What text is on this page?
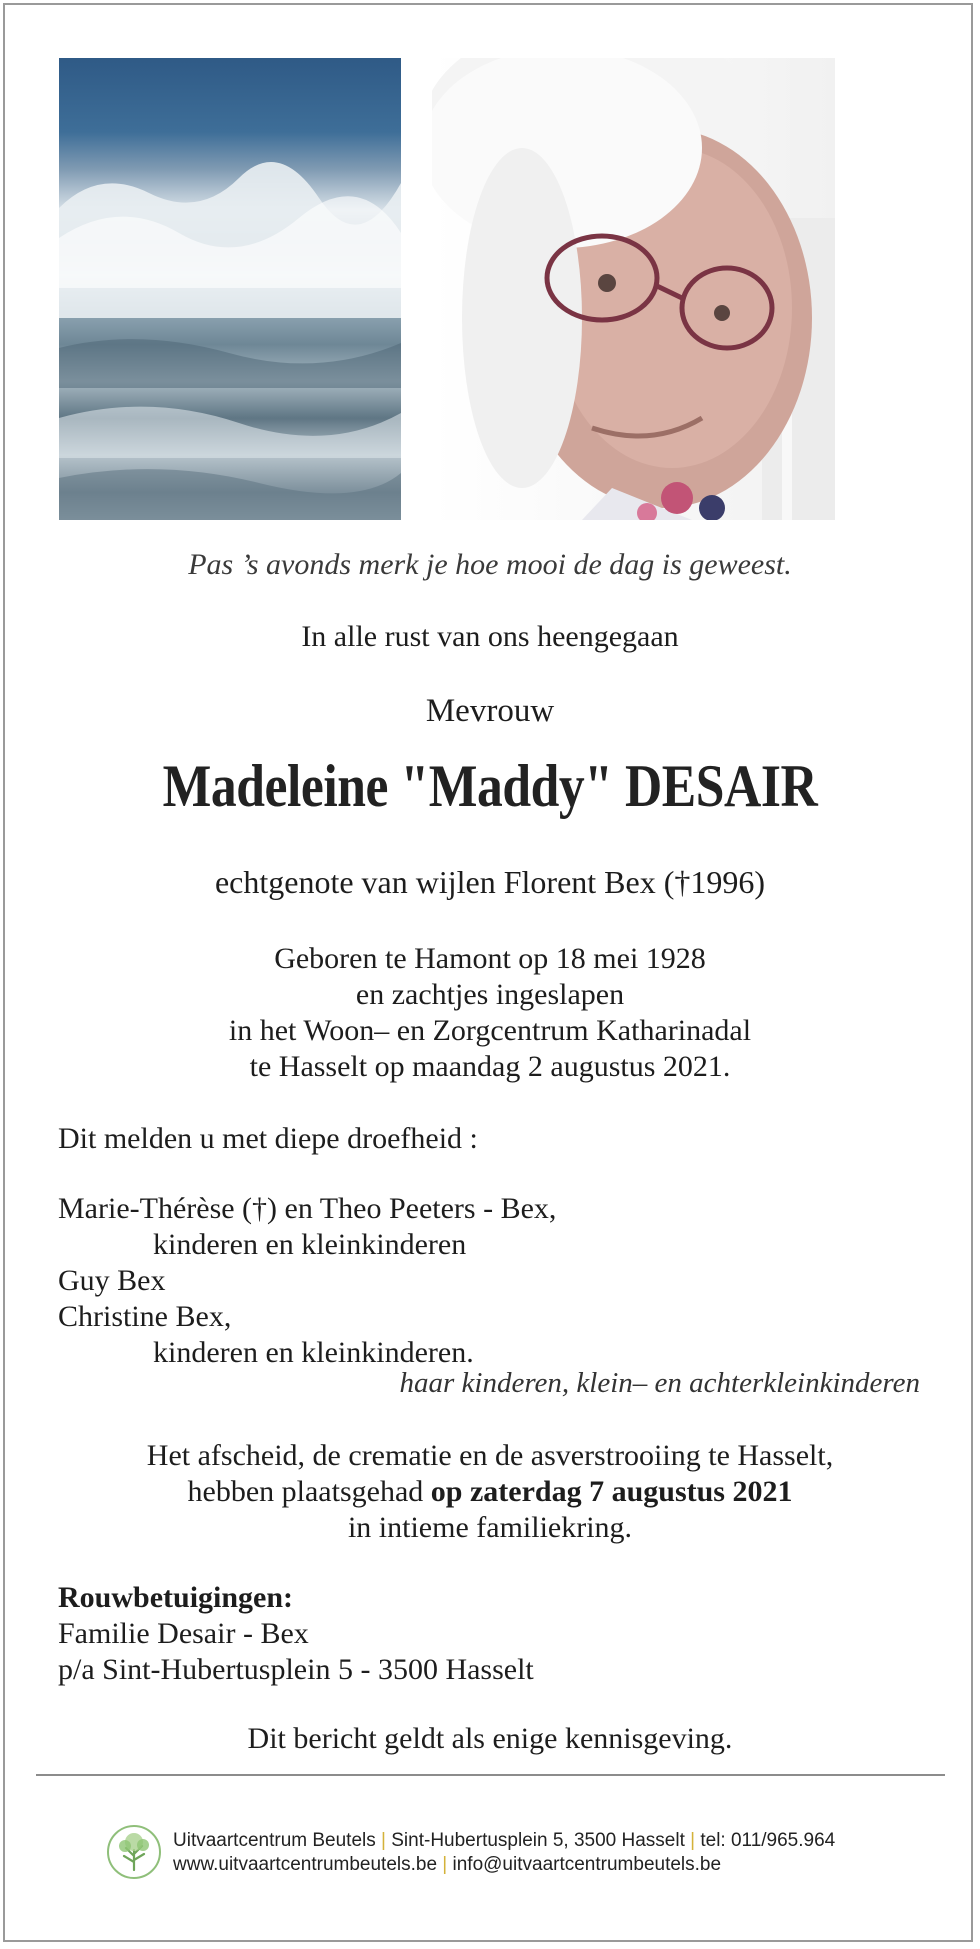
Pas ’s avonds merk je hoe mooi de dag is geweest.
In alle rust van ons heengegaan
Mevrouw
Madeleine "Maddy" DESAIR
echtgenote van wijlen Florent Bex (†1996)
Geboren te Hamont op 18 mei 1928
en zachtjes ingeslapen
in het Woon– en Zorgcentrum Katharinadal
te Hasselt op maandag 2 augustus 2021.
Dit melden u met diepe droefheid :
Marie-Thérèse (†) en Theo Peeters - Bex,
kinderen en kleinkinderen
Guy Bex
Christine Bex,
kinderen en kleinkinderen.
haar kinderen, klein– en achterkleinkinderen
Het afscheid, de crematie en de asverstrooiing te Hasselt,
hebben plaatsgehad op zaterdag 7 augustus 2021
in intieme familiekring.
Rouwbetuigingen:
Familie Desair - Bex
p/a Sint-Hubertusplein 5 - 3500 Hasselt
Dit bericht geldt als enige kennisgeving.
Uitvaartcentrum Beutels | Sint-Hubertusplein 5, 3500 Hasselt | tel: 011/965.964
www.uitvaartcentrumbeutels.be | info@uitvaartcentrumbeutels.be
